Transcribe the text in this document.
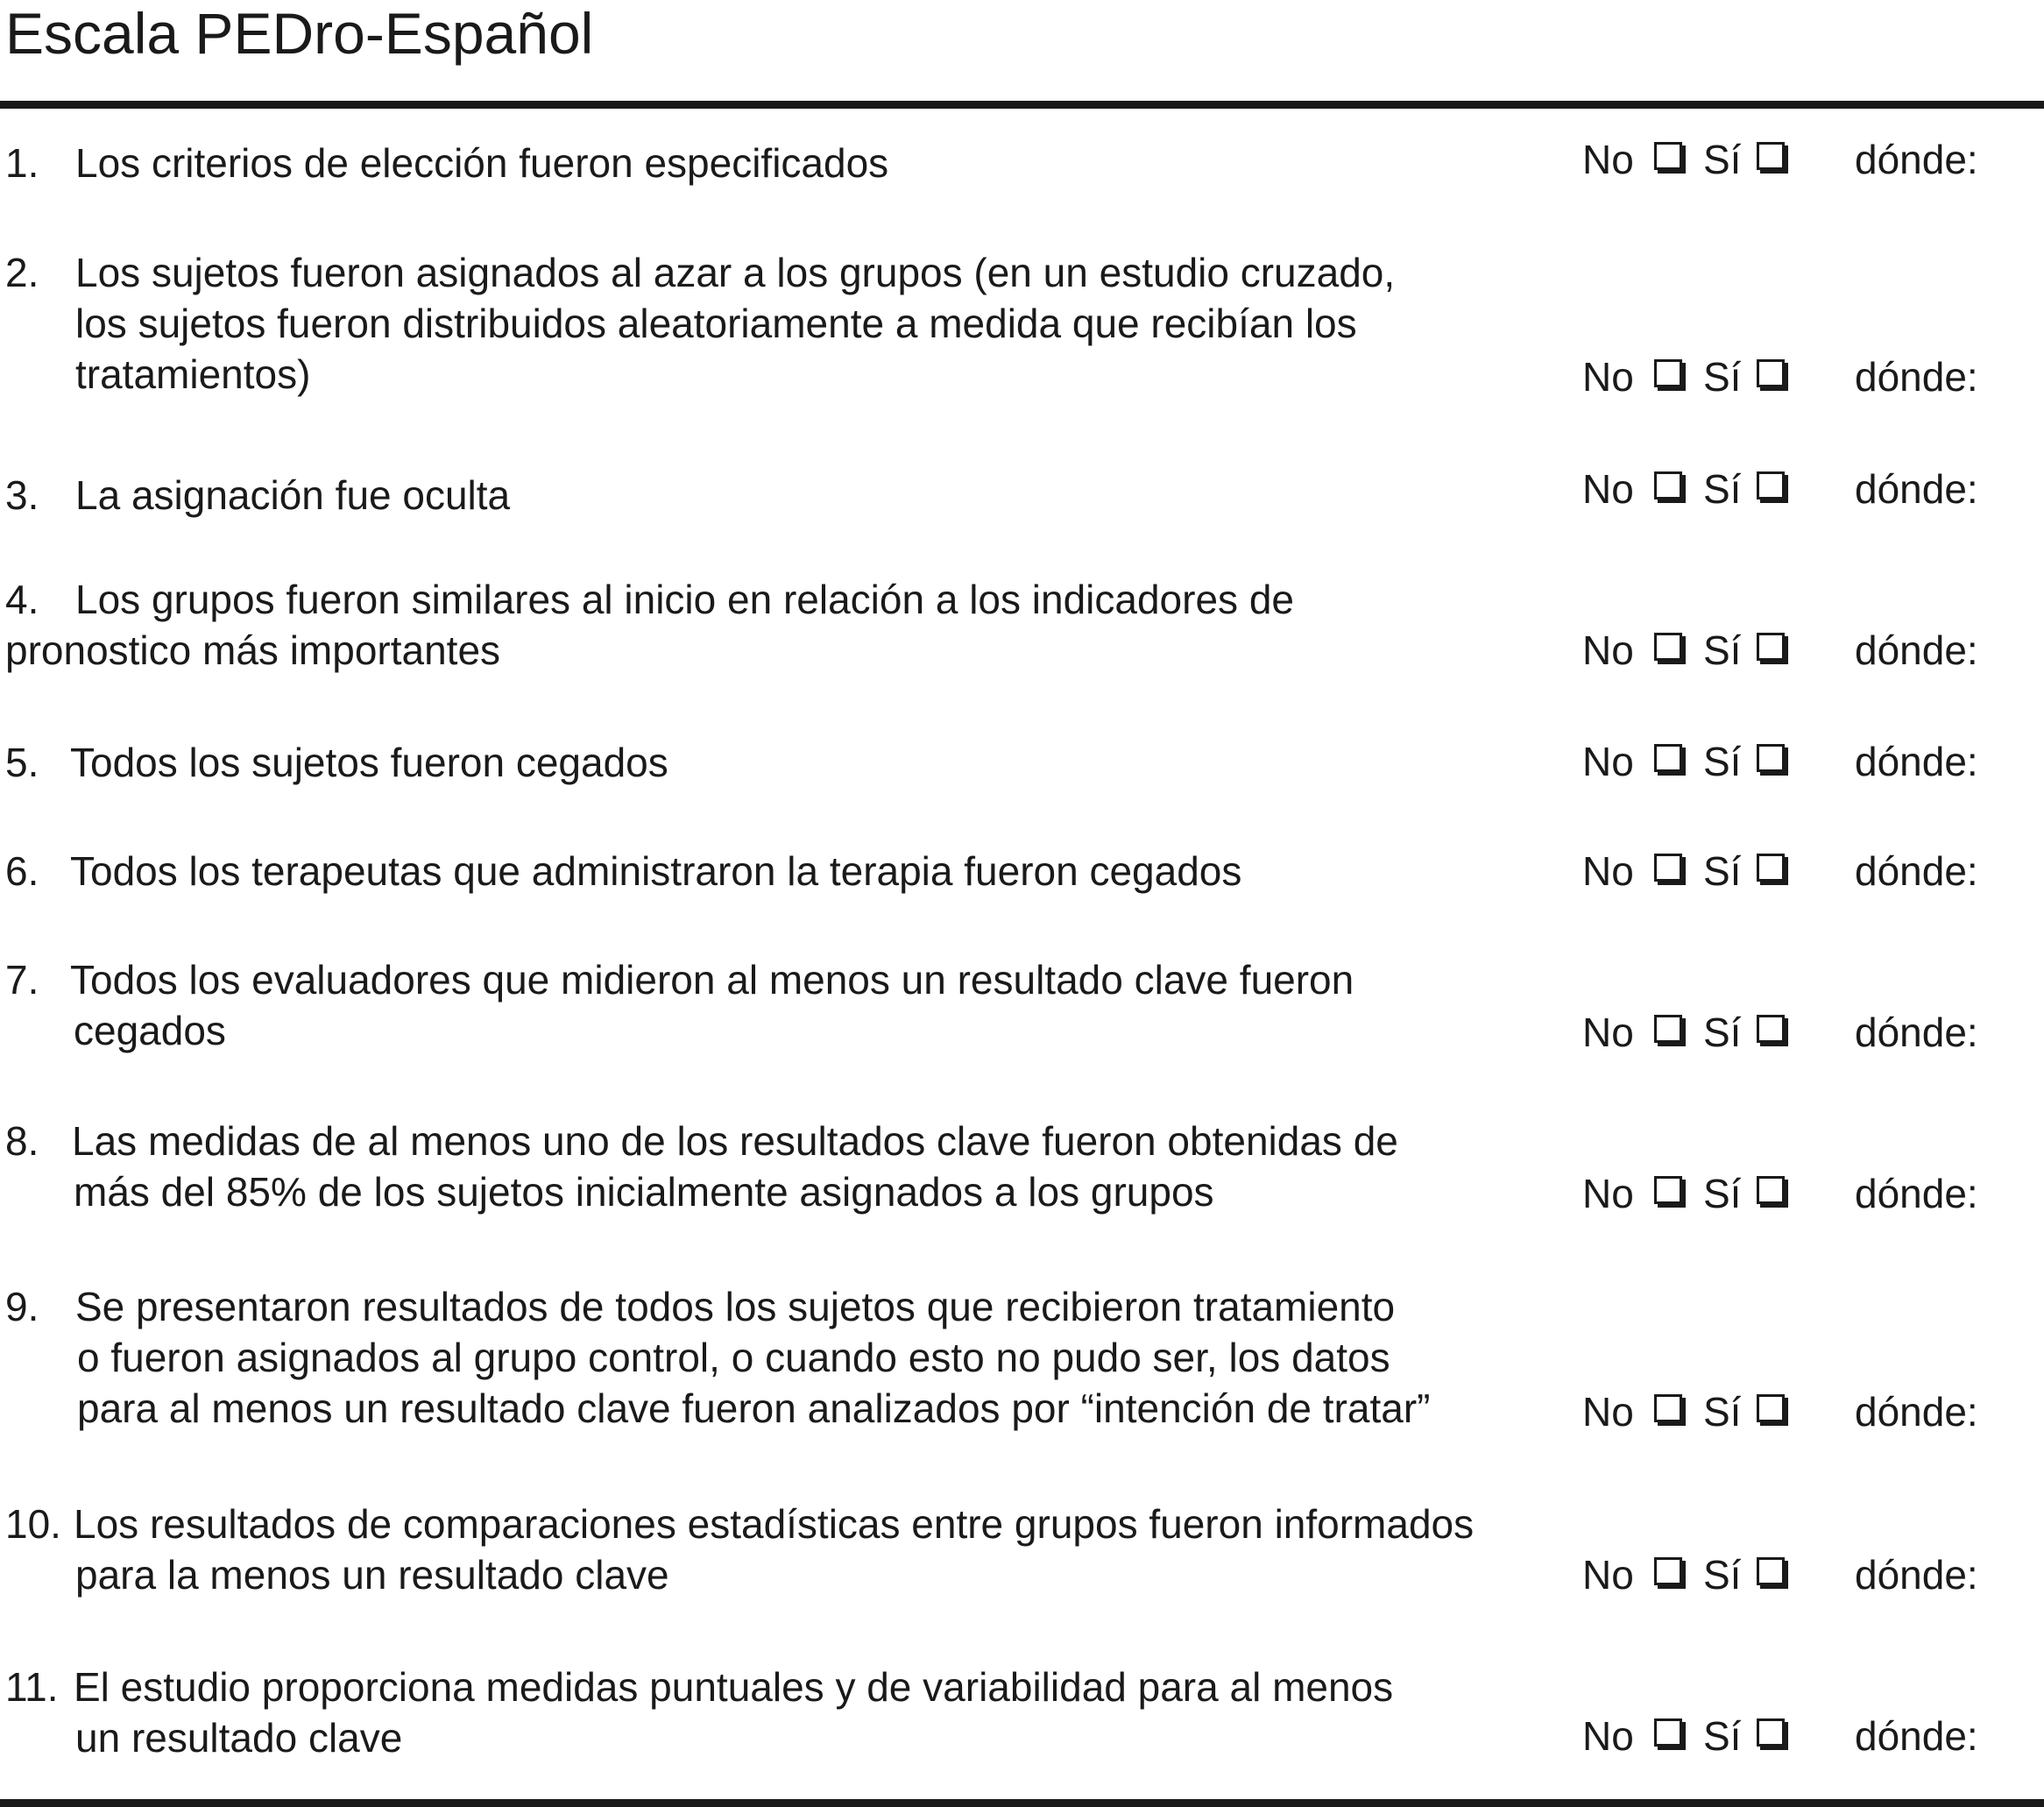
Escala PEDro-Español
1. Los criterios de elección fueron especificados	No Sí	dónde:
2. Los sujetos fueron asignados al azar a los grupos (en un estudio cruzado,
los sujetos fueron distribuidos aleatoriamente a medida que recibían los
tratamientos)	No Sí	dónde:
3. La asignación fue oculta	No Sí	dónde:
4. Los grupos fueron similares al inicio en relación a los indicadores de
pronostico más importantes	No Sí	dónde:
5. Todos los sujetos fueron cegados	No Sí	dónde:
6. Todos los terapeutas que administraron la terapia fueron cegados	No Sí	dónde:
7. Todos los evaluadores que midieron al menos un resultado clave fueron
cegados	No Sí	dónde:
8. Las medidas de al menos uno de los resultados clave fueron obtenidas de
más del 85% de los sujetos inicialmente asignados a los grupos	No Sí	dónde:
9. Se presentaron resultados de todos los sujetos que recibieron tratamiento
o fueron asignados al grupo control, o cuando esto no pudo ser, los datos
para al menos un resultado clave fueron analizados por “intención de tratar”	No Sí	dónde:
10. Los resultados de comparaciones estadísticas entre grupos fueron informados
para la menos un resultado clave	No Sí	dónde:
11. El estudio proporciona medidas puntuales y de variabilidad para al menos
un resultado clave	No Sí	dónde:
